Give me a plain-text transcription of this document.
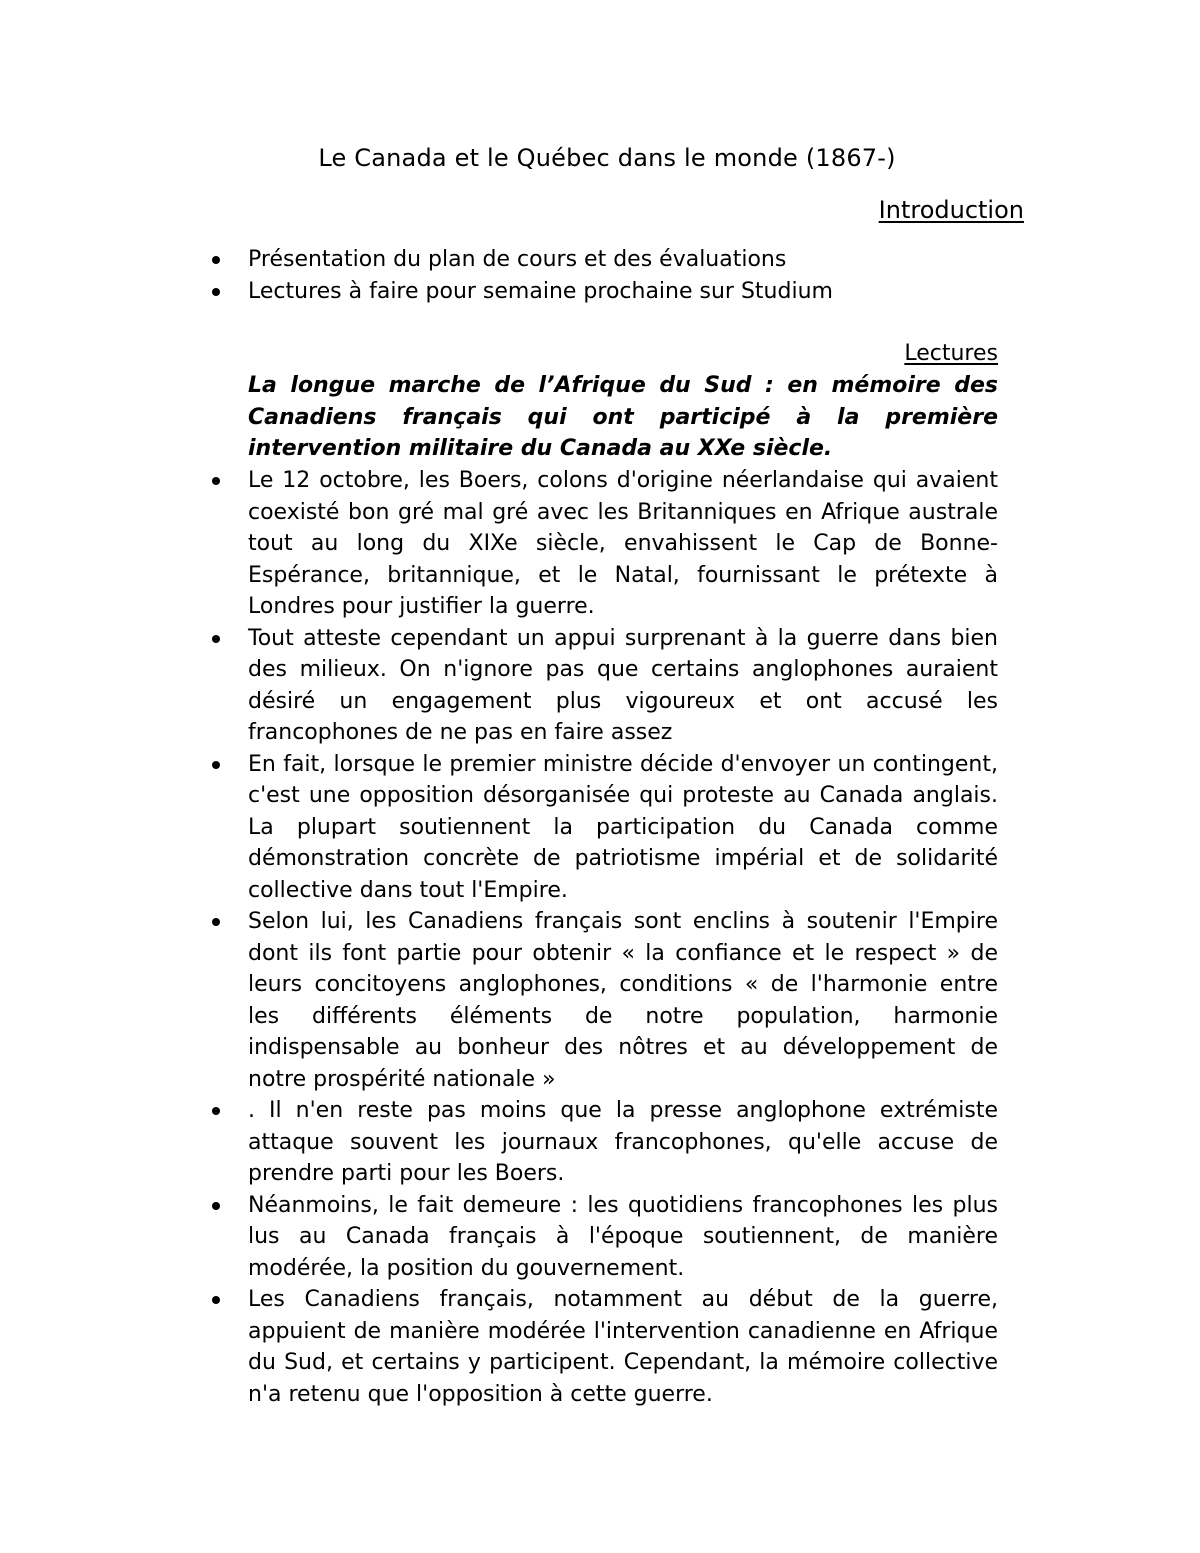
Le Canada et le Québec dans le monde (1867-)
Introduction
Présentation du plan de cours et des évaluations
Lectures à faire pour semaine prochaine sur Studium
Lectures
La longue marche de l’Afrique du Sud : en mémoire des Canadiens français qui ont participé à la première intervention militaire du Canada au XXe siècle.
Le 12 octobre, les Boers, colons d'origine néerlandaise qui avaient coexisté bon gré mal gré avec les Britanniques en Afrique australe tout au long du XIXe siècle, envahissent le Cap de Bonne-Espérance, britannique, et le Natal, fournissant le prétexte à Londres pour justifier la guerre.
Tout atteste cependant un appui surprenant à la guerre dans bien des milieux. On n'ignore pas que certains anglophones auraient désiré un engagement plus vigoureux et ont accusé les francophones de ne pas en faire assez
En fait, lorsque le premier ministre décide d'envoyer un contingent, c'est une opposition désorganisée qui proteste au Canada anglais. La plupart soutiennent la participation du Canada comme démonstration concrète de patriotisme impérial et de solidarité collective dans tout l'Empire.
Selon lui, les Canadiens français sont enclins à soutenir l'Empire dont ils font partie pour obtenir « la confiance et le respect » de leurs concitoyens anglophones, conditions « de l'harmonie entre les différents éléments de notre population, harmonie indispensable au bonheur des nôtres et au développement de notre prospérité nationale »
. Il n'en reste pas moins que la presse anglophone extrémiste attaque souvent les journaux francophones, qu'elle accuse de prendre parti pour les Boers.
Néanmoins, le fait demeure : les quotidiens francophones les plus lus au Canada français à l'époque soutiennent, de manière modérée, la position du gouvernement.
Les Canadiens français, notamment au début de la guerre, appuient de manière modérée l'intervention canadienne en Afrique du Sud, et certains y participent. Cependant, la mémoire collective n'a retenu que l'opposition à cette guerre.
